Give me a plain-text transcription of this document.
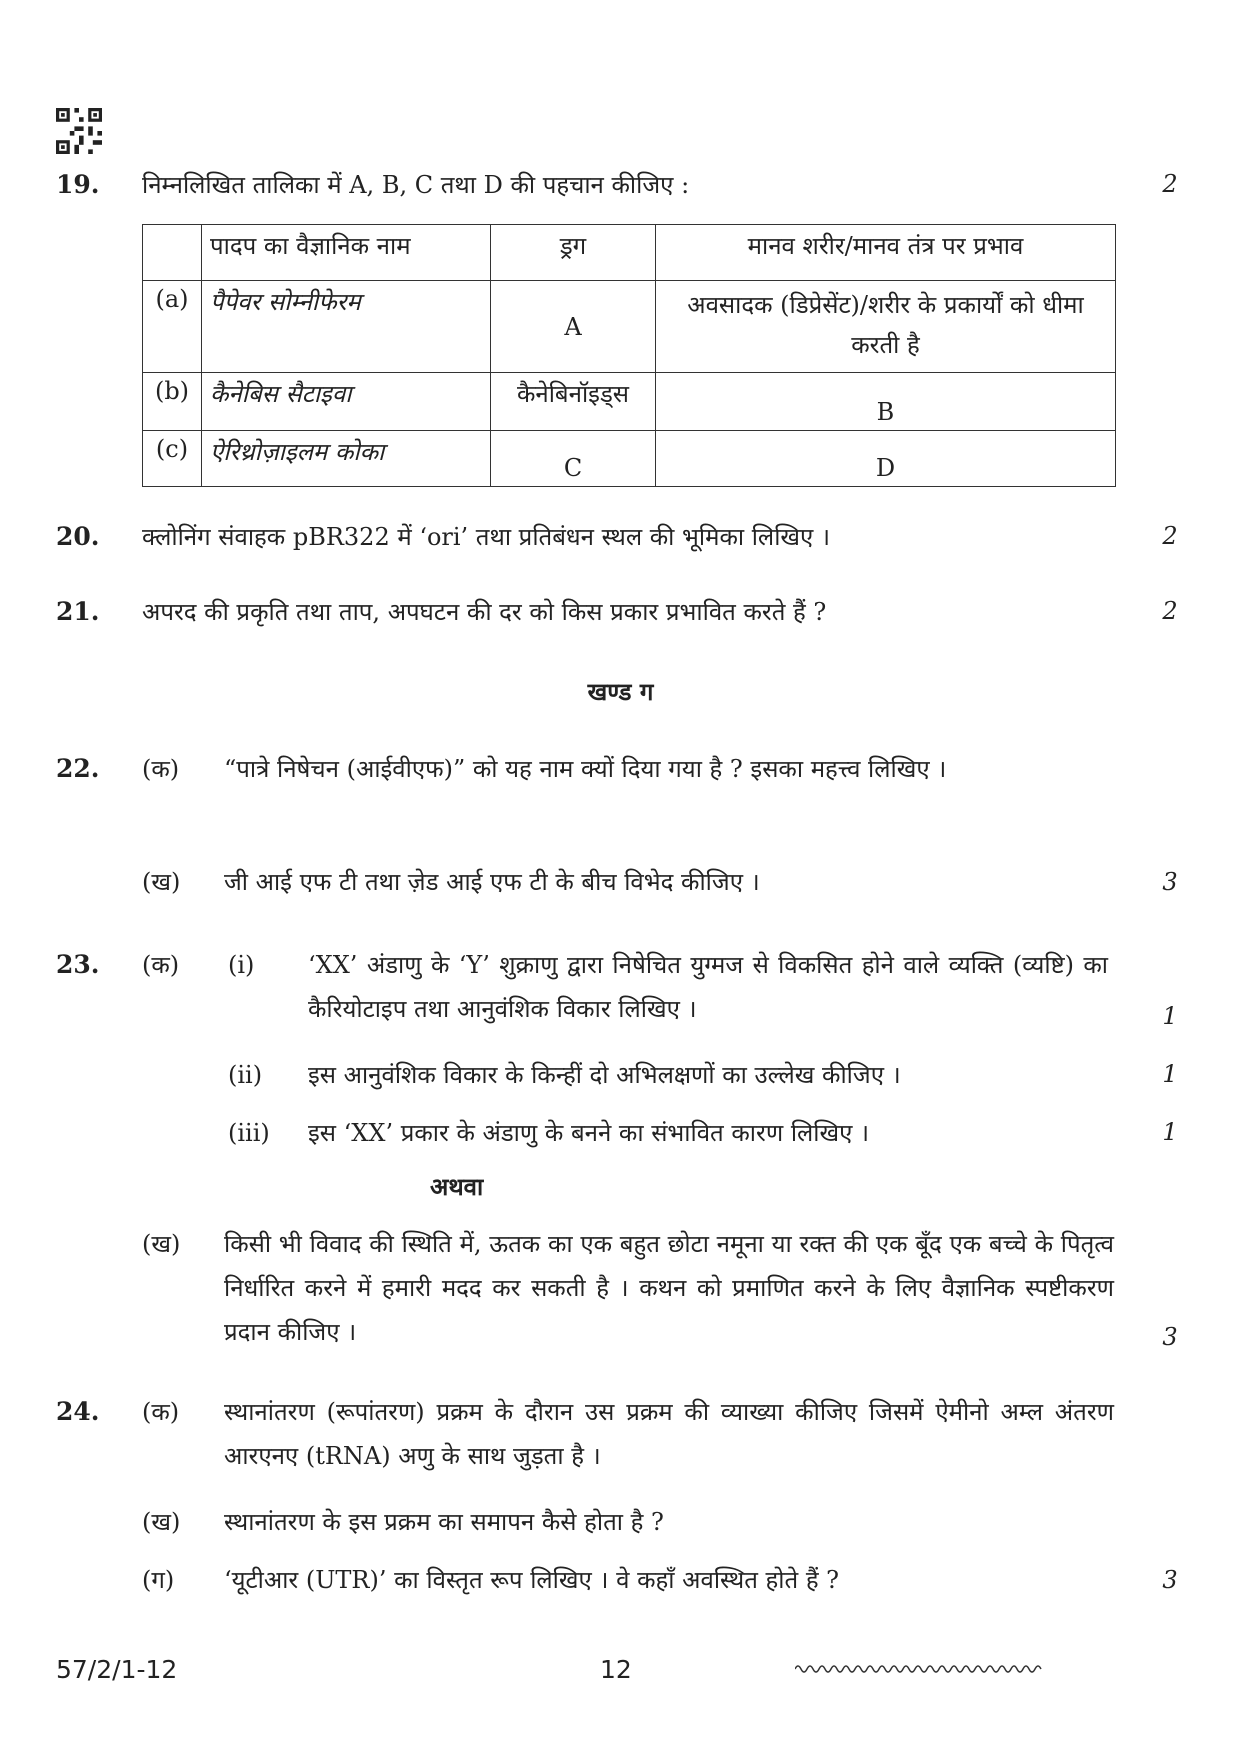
19. निम्नलिखित तालिका में A, B, C तथा D की पहचान कीजिए :	2
	पादप का वैज्ञानिक नाम	ड्रग	मानव शरीर/मानव तंत्र पर प्रभाव
(a)	पैपेवर सोम्नीफेरम	A	अवसादक (डिप्रेसेंट)/शरीर के प्रकार्यों को धीमा करती है
(b)	कैनेबिस सैटाइवा	कैनेबिनॉइड्स	B
(c)	ऐरिथ्रोज़ाइलम कोका	C	D
20. क्लोनिंग संवाहक pBR322 में ‘ori’ तथा प्रतिबंधन स्थल की भूमिका लिखिए ।	2
21. अपरद की प्रकृति तथा ताप, अपघटन की दर को किस प्रकार प्रभावित करते हैं ?	2
खण्ड ग
22. (क) “पात्रे निषेचन (आईवीएफ)” को यह नाम क्यों दिया गया है ? इसका महत्त्व लिखिए ।
(ख) जी आई एफ टी तथा ज़ेड आई एफ टी के बीच विभेद कीजिए ।	3
23. (क) (i) ‘XX’ अंडाणु के ‘Y’ शुक्राणु द्वारा निषेचित युग्मज से विकसित होने वाले व्यक्ति (व्यष्टि) का कैरियोटाइप तथा आनुवंशिक विकार लिखिए ।	1
(ii) इस आनुवंशिक विकार के किन्हीं दो अभिलक्षणों का उल्लेख कीजिए ।	1
(iii) इस ‘XX’ प्रकार के अंडाणु के बनने का संभावित कारण लिखिए ।	1
अथवा
(ख) किसी भी विवाद की स्थिति में, ऊतक का एक बहुत छोटा नमूना या रक्त की एक बूँद एक बच्चे के पितृत्व निर्धारित करने में हमारी मदद कर सकती है । कथन को प्रमाणित करने के लिए वैज्ञानिक स्पष्टीकरण प्रदान कीजिए ।	3
24. (क) स्थानांतरण (रूपांतरण) प्रक्रम के दौरान उस प्रक्रम की व्याख्या कीजिए जिसमें ऐमीनो अम्ल अंतरण आरएनए (tRNA) अणु के साथ जुड़ता है ।
(ख) स्थानांतरण के इस प्रक्रम का समापन कैसे होता है ?
(ग) ‘यूटीआर (UTR)’ का विस्तृत रूप लिखिए । वे कहाँ अवस्थित होते हैं ?	3
57/2/1-12	12
